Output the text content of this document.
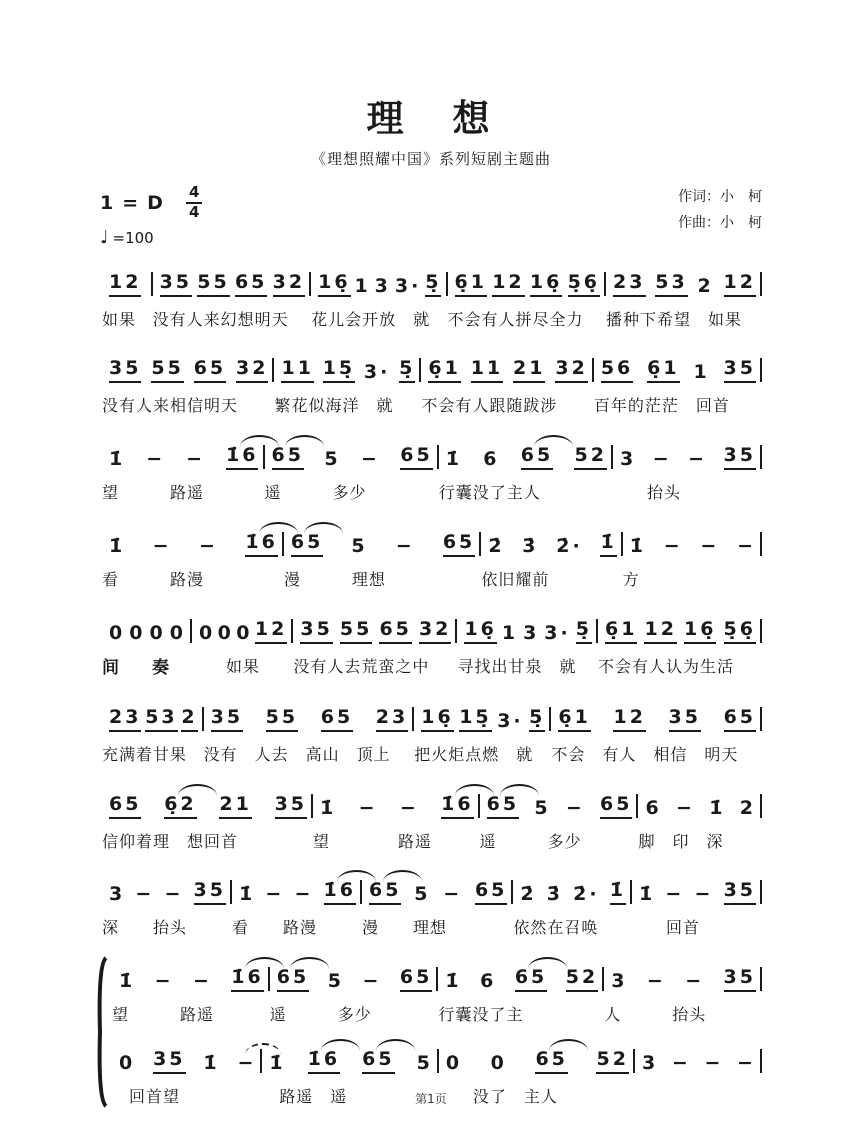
理　想
《理想照耀中国》系列短剧主题曲
1 = D $\frac{4}{4}$
♩ =100
作词：小　柯
作曲：小　柯
12
如果
35 55 65 32
没有人来幻想明天
16̣ 1 3 3· 5̣
花儿会开放　就
6̣1 12 16̣ 5̣6̣
不会有人拼尽全力
23 53 2 12
播种下希望　如果
35 55 65 32
没有人来相信明天
11 15̣ 3· 5̣
繁花似海洋　就
6̣1 11 21 32
不会有人跟随跋涉
56 6̣1 1 35
百年的茫茫　回首
1̇ − − 1̇6
望　　　路遥
65 5 − 65
遥　　　多少
1̇ 6 65 52
行囊没了主人
3 − − 35
　　抬头
1̇ − − 1̇6
看　　　路漫
65 5 − 65
漫　　　理想
2̇ 3̇ 2̇· 1̇
依旧耀前
1̇ − − −
方
0 0 0 0
间　奏
0 0 0 12
　　如果
35 55 65 32
没有人去荒蛮之中
16̣ 1 3 3· 5̣
寻找出甘泉　就
6̣1 12 16̣ 5̣6̣
不会有人认为生活
23 53 2
充满着甘果
35 55 65 23
没有　人去　高山　顶上
16̣ 15̣ 3· 5̣
把火炬点燃　就
6̣1 12 35 65
不会　有人　相信　明天
65 6̣2 21 35
信仰着理　想回首
1̇ − − 1̇6
望　　　　路遥
65 5 − 65
遥　　　多少
6 − 1̇ 2
脚　印　深
3 − − 35
深　　抬头
1̇ − − 1̇6
看　　路漫
65 5 − 65
漫　　理想
2̇ 3̇ 2̇· 1̇
依然在召唤
1̇ − − 35
　　回首
1̇ − − 1̇6
望　　　路遥
65 5 − 65
遥　　　多少
1̇ 6 65 52
行囊没了主
3 − − 35
人　　　抬头
0 35 1̇ −
　回首望
1̇ 1̇6 65 5
　路遥　遥
0 0 65 52
　　没了　主人
3 − − −
第1页
